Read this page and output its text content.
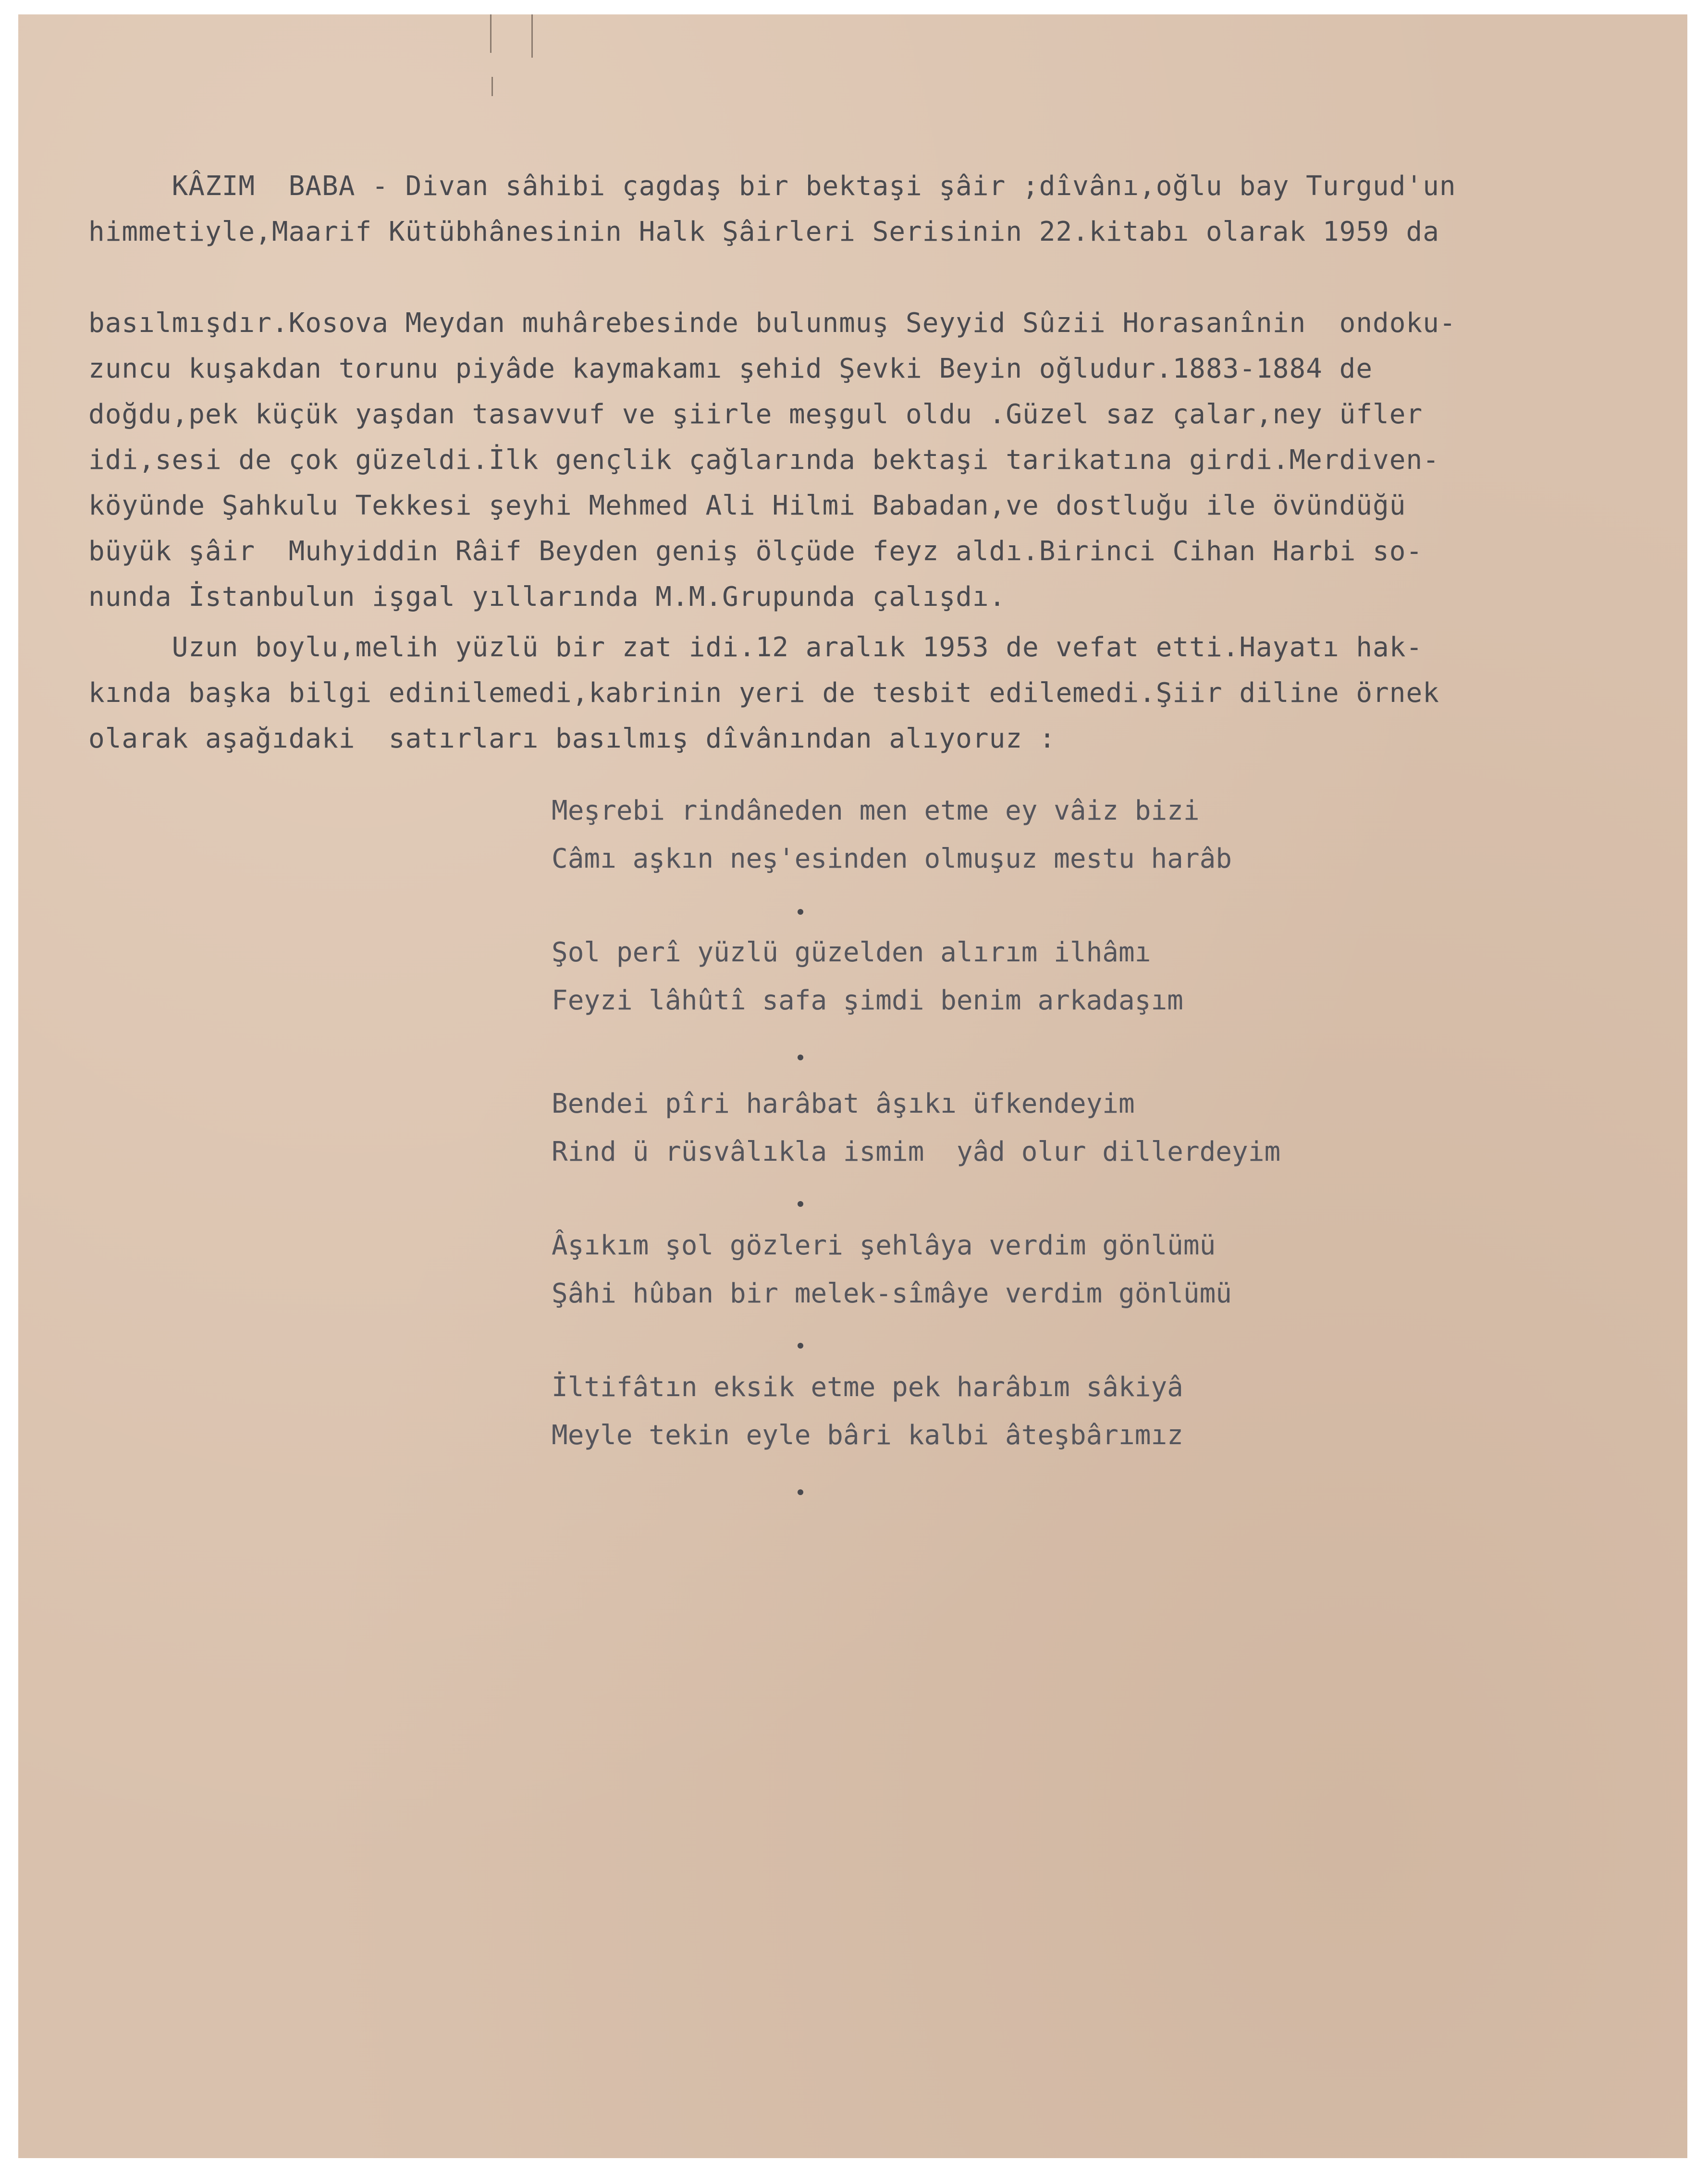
KÂZIM  BABA - Divan sâhibi çagdaş bir bektaşi şâir ;dîvânı,oğlu bay Turgud'un
himmetiyle,Maarif Kütübhânesinin Halk Şâirleri Serisinin 22.kitabı olarak 1959 da
basılmışdır.Kosova Meydan muhârebesinde bulunmuş Seyyid Sûzii Horasanînin  ondoku-
zuncu kuşakdan torunu piyâde kaymakamı şehid Şevki Beyin oğludur.1883-1884 de
doğdu,pek küçük yaşdan tasavvuf ve şiirle meşgul oldu .Güzel saz çalar,ney üfler
idi,sesi de çok güzeldi.İlk gençlik çağlarında bektaşi tarikatına girdi.Merdiven-
köyünde Şahkulu Tekkesi şeyhi Mehmed Ali Hilmi Babadan,ve dostluğu ile övündüğü
büyük şâir  Muhyiddin Râif Beyden geniş ölçüde feyz aldı.Birinci Cihan Harbi so-
nunda İstanbulun işgal yıllarında M.M.Grupunda çalışdı.
Uzun boylu,melih yüzlü bir zat idi.12 aralık 1953 de vefat etti.Hayatı hak-
kında başka bilgi edinilemedi,kabrinin yeri de tesbit edilemedi.Şiir diline örnek
olarak aşağıdaki  satırları basılmış dîvânından alıyoruz :
Meşrebi rindâneden men etme ey vâiz bizi
Câmı aşkın neş'esinden olmuşuz mestu harâb
Şol perî yüzlü güzelden alırım ilhâmı
Feyzi lâhûtî safa şimdi benim arkadaşım
Bendei pîri harâbat âşıkı üfkendeyim
Rind ü rüsvâlıkla ismim  yâd olur dillerdeyim
Âşıkım şol gözleri şehlâya verdim gönlümü
Şâhi hûban bir melek-sîmâye verdim gönlümü
İltifâtın eksik etme pek harâbım sâkiyâ
Meyle tekin eyle bâri kalbi âteşbârımız
